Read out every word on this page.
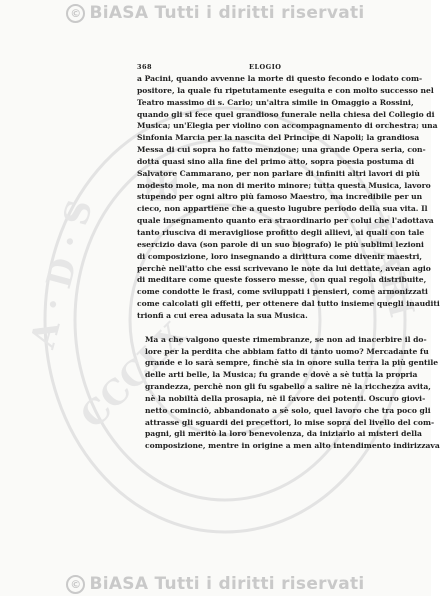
© BiASA Tutti i diritti riservati
A · D · S	HARI
CCCLX
✠
368	ELOGIO

a Pacini, quando avvenne la morte di questo fecondo e lodato com-
positore, la quale fu ripetutamente eseguita e con molto successo nel
Teatro massimo di s. Carlo; un'altra simile in Omaggio a Rossini,
quando gli si fece quel grandioso funerale nella chiesa del Collegio di
Musica; un'Elegia per violino con accompagnamento di orchestra; una
Sinfonia Marcia per la nascita del Principe di Napoli; la grandiosa
Messa di cui sopra ho fatto menzione; una grande Opera seria, con-
dotta quasi sino alla fine del primo atto, sopra poesia postuma di
Salvatore Cammarano, per non parlare di infiniti altri lavori di più
modesto mole, ma non di merito minore; tutta questa Musica, lavoro
stupendo per ogni altro più famoso Maestro, ma incredibile per un
cieco, non appartiene che a questo lugubre periodo della sua vita. Il
quale insegnamento quanto era straordinario per colui che l'adottava
tanto riusciva di meravigliose profitto degli allievi, ai quali con tale
esercizio dava (son parole di un suo biografo) le più sublimi lezioni
di composizione, loro insegnando a dirittura come divenir maestri,
perchè nell'atto che essi scrivevano le note da lui dettate, avean agio
di meditare come queste fossero messe, con qual regola distribuite,
come condotte le frasi, come sviluppati i pensieri, come armonizzati
come calcolati gli effetti, per ottenere dal tutto insieme quegli inauditi
trionfi a cui erea adusata la sua Musica.

Ma a che valgono queste rimembranze, se non ad inacerbire il do-
lore per la perdita che abbiam fatto di tanto uomo? Mercadante fu
grande e lo sarà sempre, finchè sia in onore sulla terra la più gentile
delle arti belle, la Musica; fu grande e dovè a sè tutta la propria
grandezza, perchè non gli fu sgabello a salire nè la ricchezza avita,
nè la nobiltà della prosapia, nè il favore dei potenti. Oscuro giovi-
netto cominciò, abbandonato a sè solo, quel lavoro che tra poco gli
attrasse gli sguardi dei precettori, lo mise sopra del livello del com-
pagni, gli meritò la loro benevolenza, da iniziarlo ai misteri della
composizione, mentre in origine a men alto intendimento indirizzava

© BiASA Tutti i diritti riservati
